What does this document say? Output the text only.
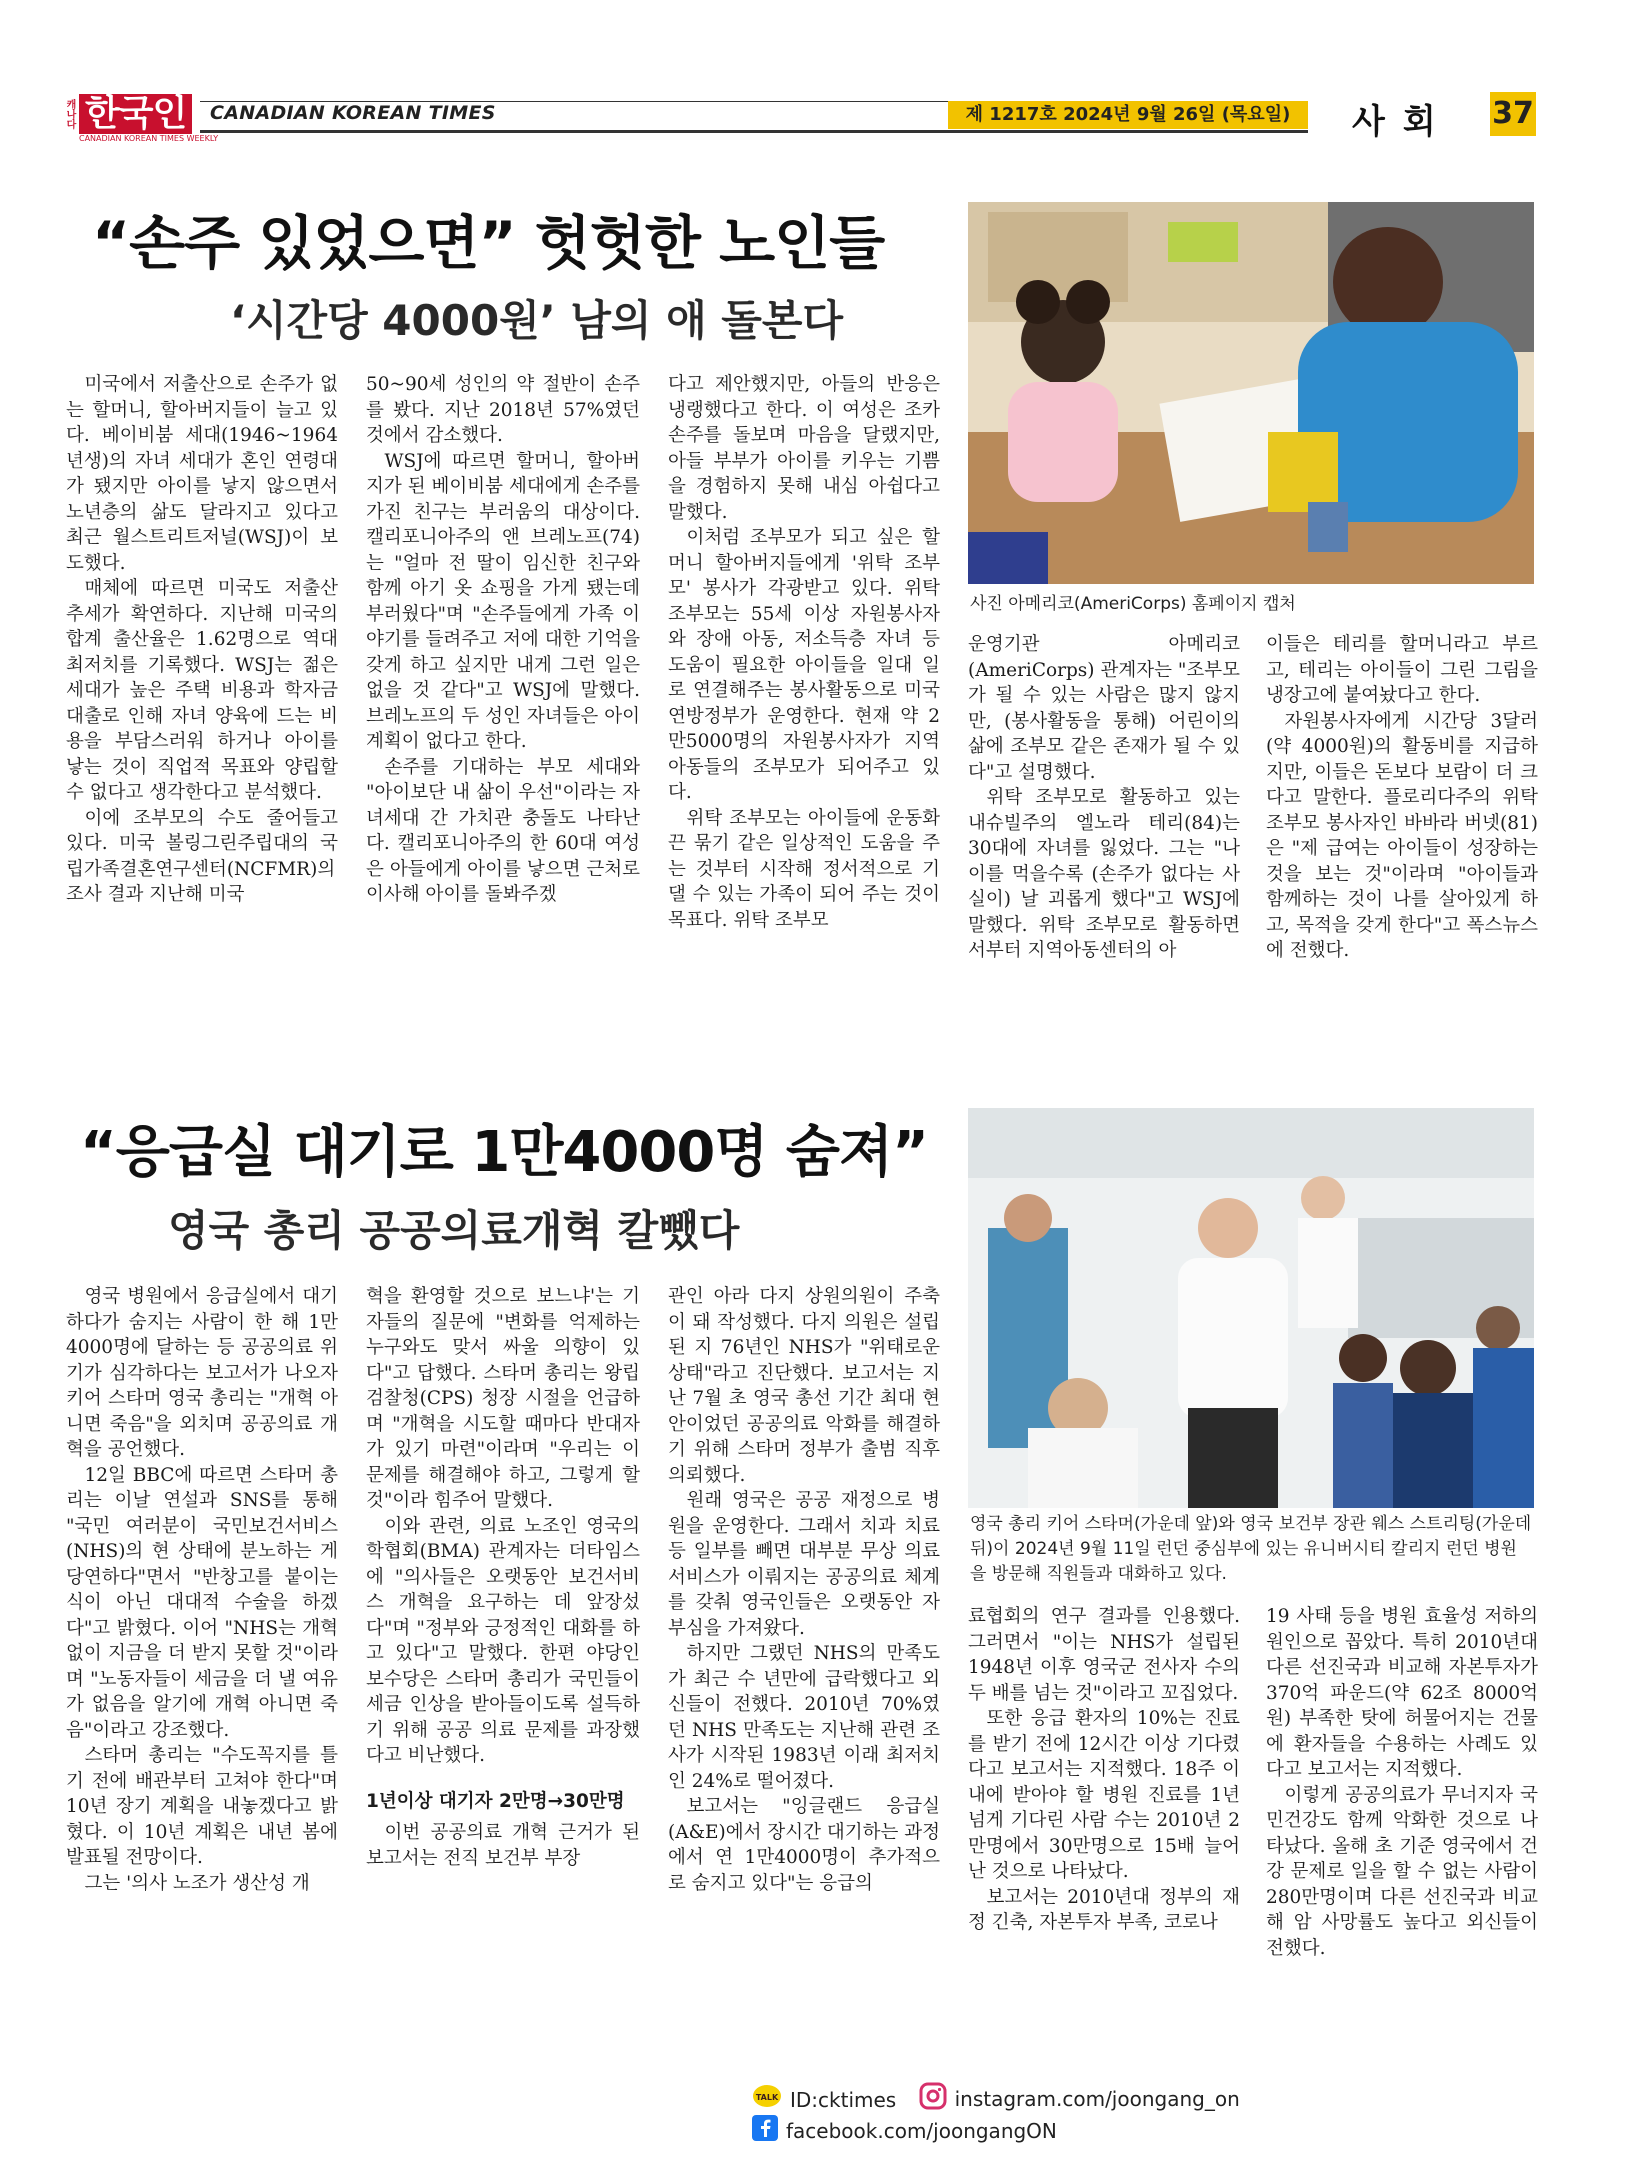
캐나다 한국인
CANADIAN KOREAN TIMES WEEKLY
CANADIAN KOREAN TIMES	제 1217호 2024년 9월 26일 (목요일)	사회 37
“손주 있었으면” 헛헛한 노인들
‘시간당 4000원’ 남의 애 돌본다
사진 아메리코(AmeriCorps) 홈페이지 캡처

미국에서 저출산으로 손주가 없는 할머니, 할아버지들이 늘고 있다. 베이비붐 세대(1946~1964년생)의 자녀 세대가 혼인 연령대가 됐지만 아이를 낳지 않으면서 노년층의 삶도 달라지고 있다고 최근 월스트리트저널(WSJ)이 보도했다.

매체에 따르면 미국도 저출산 추세가 확연하다. 지난해 미국의 합계 출산율은 1.62명으로 역대 최저치를 기록했다. WSJ는 젊은 세대가 높은 주택 비용과 학자금 대출로 인해 자녀 양육에 드는 비용을 부담스러워 하거나 아이를 낳는 것이 직업적 목표와 양립할 수 없다고 생각한다고 분석했다.

이에 조부모의 수도 줄어들고 있다. 미국 볼링그린주립대의 국립가족결혼연구센터(NCFMR)의 조사 결과 지난해 미국

50~90세 성인의 약 절반이 손주를 봤다. 지난 2018년 57%였던 것에서 감소했다.

WSJ에 따르면 할머니, 할아버지가 된 베이비붐 세대에게 손주를 가진 친구는 부러움의 대상이다. 캘리포니아주의 앤 브레노프(74)는 "얼마 전 딸이 임신한 친구와 함께 아기 옷 쇼핑을 가게 됐는데 부러웠다"며 "손주들에게 가족 이야기를 들려주고 저에 대한 기억을 갖게 하고 싶지만 내게 그런 일은 없을 것 같다"고 WSJ에 말했다. 브레노프의 두 성인 자녀들은 아이 계획이 없다고 한다.

손주를 기대하는 부모 세대와 "아이보단 내 삶이 우선"이라는 자녀세대 간 가치관 충돌도 나타난다. 캘리포니아주의 한 60대 여성은 아들에게 아이를 낳으면 근처로 이사해 아이를 돌봐주겠

다고 제안했지만, 아들의 반응은 냉랭했다고 한다. 이 여성은 조카 손주를 돌보며 마음을 달랬지만, 아들 부부가 아이를 키우는 기쁨을 경험하지 못해 내심 아쉽다고 말했다.

이처럼 조부모가 되고 싶은 할머니 할아버지들에게 '위탁 조부모' 봉사가 각광받고 있다. 위탁 조부모는 55세 이상 자원봉사자와 장애 아동, 저소득층 자녀 등 도움이 필요한 아이들을 일대 일로 연결해주는 봉사활동으로 미국 연방정부가 운영한다. 현재 약 2만5000명의 자원봉사자가 지역 아동들의 조부모가 되어주고 있다.

위탁 조부모는 아이들에 운동화 끈 묶기 같은 일상적인 도움을 주는 것부터 시작해 정서적으로 기댈 수 있는 가족이 되어 주는 것이 목표다. 위탁 조부모

운영기관 아메리코(AmeriCorps) 관계자는 "조부모가 될 수 있는 사람은 많지 않지만, (봉사활동을 통해) 어린이의 삶에 조부모 같은 존재가 될 수 있다"고 설명했다.

위탁 조부모로 활동하고 있는 내슈빌주의 엘노라 테리(84)는 30대에 자녀를 잃었다. 그는 "나이를 먹을수록 (손주가 없다는 사실이) 날 괴롭게 했다"고 WSJ에 말했다. 위탁 조부모로 활동하면서부터 지역아동센터의 아

이들은 테리를 할머니라고 부르고, 테리는 아이들이 그린 그림을 냉장고에 붙여놨다고 한다.

자원봉사자에게 시간당 3달러(약 4000원)의 활동비를 지급하지만, 이들은 돈보다 보람이 더 크다고 말한다. 플로리다주의 위탁 조부모 봉사자인 바바라 버넷(81)은 "제 급여는 아이들이 성장하는 것을 보는 것"이라며 "아이들과 함께하는 것이 나를 살아있게 하고, 목적을 갖게 한다"고 폭스뉴스에 전했다.

“응급실 대기로 1만4000명 숨져”
영국 총리 공공의료개혁 칼뺐다
영국 총리 키어 스타머(가운데 앞)와 영국 보건부 장관 웨스 스트리팅(가운데 뒤)이 2024년 9월 11일 런던 중심부에 있는 유니버시티 칼리지 런던 병원을 방문해 직원들과 대화하고 있다.

영국 병원에서 응급실에서 대기하다가 숨지는 사람이 한 해 1만4000명에 달하는 등 공공의료 위기가 심각하다는 보고서가 나오자 키어 스타머 영국 총리는 "개혁 아니면 죽음"을 외치며 공공의료 개혁을 공언했다.

12일 BBC에 따르면 스타머 총리는 이날 연설과 SNS를 통해 "국민 여러분이 국민보건서비스(NHS)의 현 상태에 분노하는 게 당연하다"면서 "반창고를 붙이는 식이 아닌 대대적 수술을 하겠다"고 밝혔다. 이어 "NHS는 개혁 없이 지금을 더 받지 못할 것"이라며 "노동자들이 세금을 더 낼 여유가 없음을 알기에 개혁 아니면 죽음"이라고 강조했다.

스타머 총리는 "수도꼭지를 틀기 전에 배관부터 고쳐야 한다"며 10년 장기 계획을 내놓겠다고 밝혔다. 이 10년 계획은 내년 봄에 발표될 전망이다.

그는 '의사 노조가 생산성 개

혁을 환영할 것으로 보느냐'는 기자들의 질문에 "변화를 억제하는 누구와도 맞서 싸울 의향이 있다"고 답했다. 스타머 총리는 왕립검찰청(CPS) 청장 시절을 언급하며 "개혁을 시도할 때마다 반대자가 있기 마련"이라며 "우리는 이 문제를 해결해야 하고, 그렇게 할 것"이라 힘주어 말했다.

이와 관련, 의료 노조인 영국의학협회(BMA) 관계자는 더타임스에 "의사들은 오랫동안 보건서비스 개혁을 요구하는 데 앞장섰다"며 "정부와 긍정적인 대화를 하고 있다"고 말했다. 한편 야당인 보수당은 스타머 총리가 국민들이 세금 인상을 받아들이도록 설득하기 위해 공공 의료 문제를 과장했다고 비난했다.

1년이상 대기자 2만명→30만명

이번 공공의료 개혁 근거가 된 보고서는 전직 보건부 부장

관인 아라 다지 상원의원이 주축이 돼 작성했다. 다지 의원은 설립된 지 76년인 NHS가 "위태로운 상태"라고 진단했다. 보고서는 지난 7월 초 영국 총선 기간 최대 현안이었던 공공의료 악화를 해결하기 위해 스타머 정부가 출범 직후 의뢰했다.

원래 영국은 공공 재정으로 병원을 운영한다. 그래서 치과 치료 등 일부를 빼면 대부분 무상 의료 서비스가 이뤄지는 공공의료 체계를 갖춰 영국인들은 오랫동안 자부심을 가져왔다.

하지만 그랬던 NHS의 만족도가 최근 수 년만에 급락했다고 외신들이 전했다. 2010년 70%였던 NHS 만족도는 지난해 관련 조사가 시작된 1983년 이래 최저치인 24%로 떨어졌다.

보고서는 "잉글랜드 응급실(A&E)에서 장시간 대기하는 과정에서 연 1만4000명이 추가적으로 숨지고 있다"는 응급의

료협회의 연구 결과를 인용했다. 그러면서 "이는 NHS가 설립된 1948년 이후 영국군 전사자 수의 두 배를 넘는 것"이라고 꼬집었다.

또한 응급 환자의 10%는 진료를 받기 전에 12시간 이상 기다렸다고 보고서는 지적했다. 18주 이내에 받아야 할 병원 진료를 1년 넘게 기다린 사람 수는 2010년 2만명에서 30만명으로 15배 늘어난 것으로 나타났다.

보고서는 2010년대 정부의 재정 긴축, 자본투자 부족, 코로나

19 사태 등을 병원 효율성 저하의 원인으로 꼽았다. 특히 2010년대 다른 선진국과 비교해 자본투자가 370억 파운드(약 62조 8000억원) 부족한 탓에 허물어지는 건물에 환자들을 수용하는 사례도 있다고 보고서는 지적했다.

이렇게 공공의료가 무너지자 국민건강도 함께 악화한 것으로 나타났다. 올해 초 기준 영국에서 건강 문제로 일을 할 수 없는 사람이 280만명이며 다른 선진국과 비교해 암 사망률도 높다고 외신들이 전했다.

TALK ID:cktimes
	instagram.com/joongang_on

facebook.com/joongangON
